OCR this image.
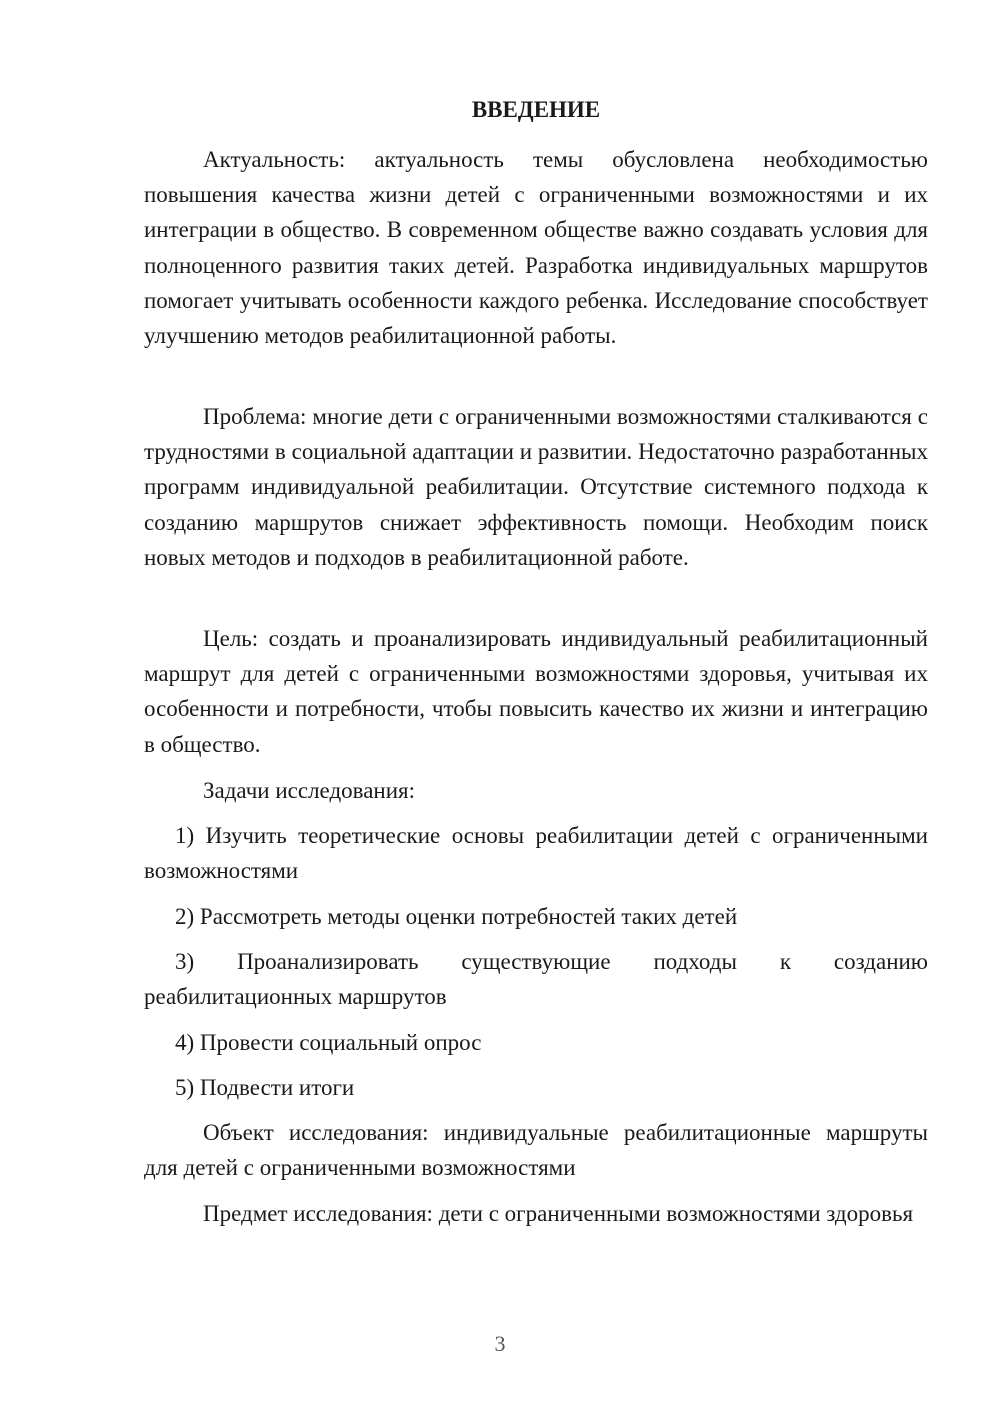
ВВЕДЕНИЕ

Актуальность: актуальность темы обусловлена необходимостью повышения качества жизни детей с ограниченными возможностями и их интеграции в общество. В современном обществе важно создавать условия для полноценного развития таких детей. Разработка индивидуальных маршрутов помогает учитывать особенности каждого ребенка. Исследование способствует улучшению методов реабилитационной работы.

Проблема: многие дети с ограниченными возможностями сталкиваются с трудностями в социальной адаптации и развитии. Недостаточно разработанных программ индивидуальной реабилитации. Отсутствие системного подхода к созданию маршрутов снижает эффективность помощи. Необходим поиск новых методов и подходов в реабилитационной работе.

Цель: создать и проанализировать индивидуальный реабилитационный маршрут для детей с ограниченными возможностями здоровья, учитывая их особенности и потребности, чтобы повысить качество их жизни и интеграцию в общество.

Задачи исследования:

1) Изучить теоретические основы реабилитации детей с ограниченными возможностями

2) Рассмотреть методы оценки потребностей таких детей

3) Проанализировать существующие подходы к созданию реабилитационных маршрутов

4) Провести социальный опрос

5) Подвести итоги

Объект исследования: индивидуальные реабилитационные маршруты для детей с ограниченными возможностями

Предмет исследования: дети с ограниченными возможностями здоровья

3
